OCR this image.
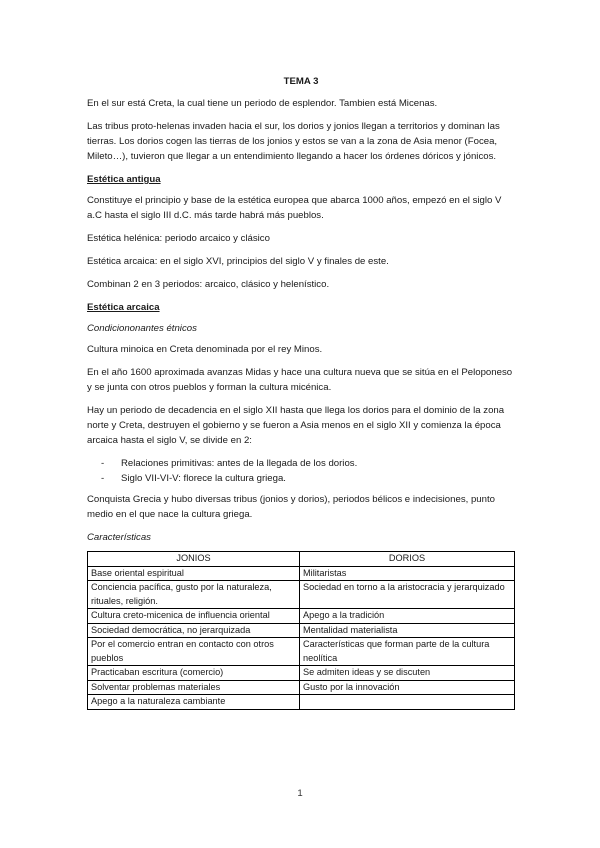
TEMA 3

En el sur está Creta, la cual tiene un periodo de esplendor. Tambien está Micenas.

Las tribus proto-helenas invaden hacia el sur, los dorios y jonios llegan a territorios y dominan las tierras. Los dorios cogen las tierras de los jonios y estos se van a la zona de Asia menor (Focea, Mileto…), tuvieron que llegar a un entendimiento llegando a hacer los órdenes dóricos y jónicos.

Estética antigua

Constituye el principio y base de la estética europea que abarca 1000 años, empezó en el siglo V a.C hasta el siglo III d.C. más tarde habrá más pueblos.

Estética helénica: periodo arcaico y clásico

Estética arcaica: en el siglo XVI, principios del siglo V y finales de este.

Combinan 2 en 3 periodos: arcaico, clásico y helenístico.

Estética arcaica
Condiciononantes étnicos

Cultura minoica en Creta denominada por el rey Minos.

En el año 1600 aproximada avanzas Midas y hace una cultura nueva que se sitúa en el Peloponeso y se junta con otros pueblos y forman la cultura micénica.

Hay un periodo de decadencia en el siglo XII hasta que llega los dorios para el dominio de la zona norte y Creta, destruyen el gobierno y se fueron a Asia menos en el siglo XII y comienza la época arcaica hasta el siglo V, se divide en 2:

- Relaciones primitivas: antes de la llegada de los dorios.
- Siglo VII-VI-V: florece la cultura griega.

Conquista Grecia y hubo diversas tribus (jonios y dorios), periodos bélicos e indecisiones, punto medio en el que nace la cultura griega.

Características
JONIOS	DORIOS
Base oriental espiritual	Militaristas
Conciencia pacífica, gusto por la naturaleza, rituales, religión.	Sociedad en torno a la aristocracia y jerarquizado
Cultura creto-micenica de influencia oriental	Apego a la tradición
Sociedad democrática, no jerarquizada	Mentalidad materialista
Por el comercio entran en contacto con otros pueblos	Características que forman parte de la cultura neolítica
Practicaban escritura (comercio)	Se admiten ideas y se discuten
Solventar problemas materiales	Gusto por la innovación
Apego a la naturaleza cambiante	
1
